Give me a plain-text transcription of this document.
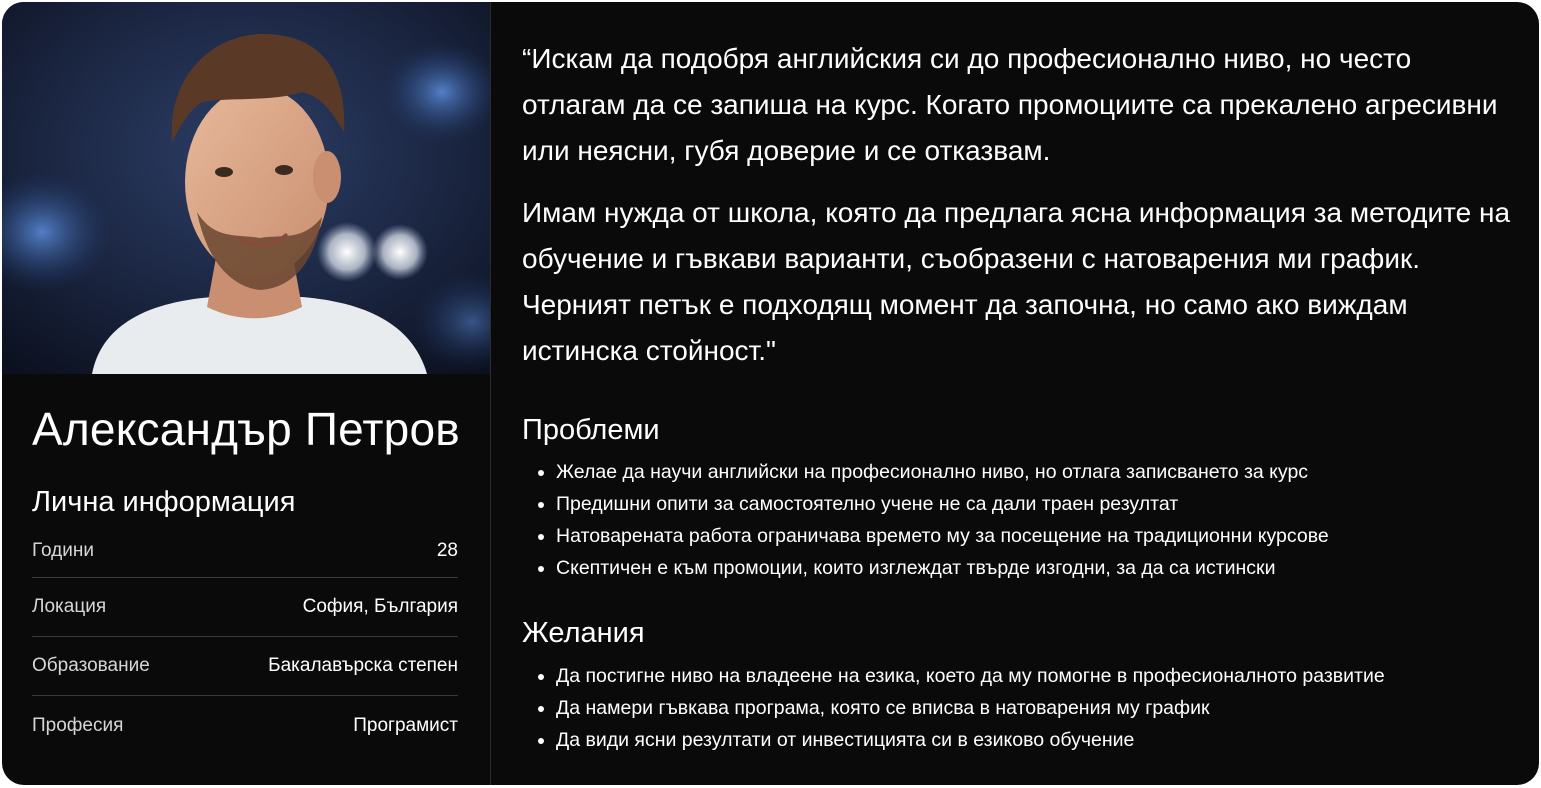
Александър Петров
Лична информация
Години	28
Локация	София, България
Образование	Бакалавърска степен
Професия	Програмист

“Искам да подобря английския си до професионално ниво, но често отлагам да се запиша на курс. Когато промоциите са прекалено агресивни или неясни, губя доверие и се отказвам.

Имам нужда от школа, която да предлага ясна информация за методите на обучение и гъвкави варианти, съобразени с натоварения ми график. Черният петък е подходящ момент да започна, но само ако виждам истинска стойност."

Проблеми
• Желае да научи английски на професионално ниво, но отлага записването за курс
• Предишни опити за самостоятелно учене не са дали траен резултат
• Натоварената работа ограничава времето му за посещение на традиционни курсове
• Скептичен е към промоции, които изглеждат твърде изгодни, за да са истински
Желания
• Да постигне ниво на владеене на езика, което да му помогне в професионалното развитие
• Да намери гъвкава програма, която се вписва в натоварения му график
• Да види ясни резултати от инвестицията си в езиково обучение
